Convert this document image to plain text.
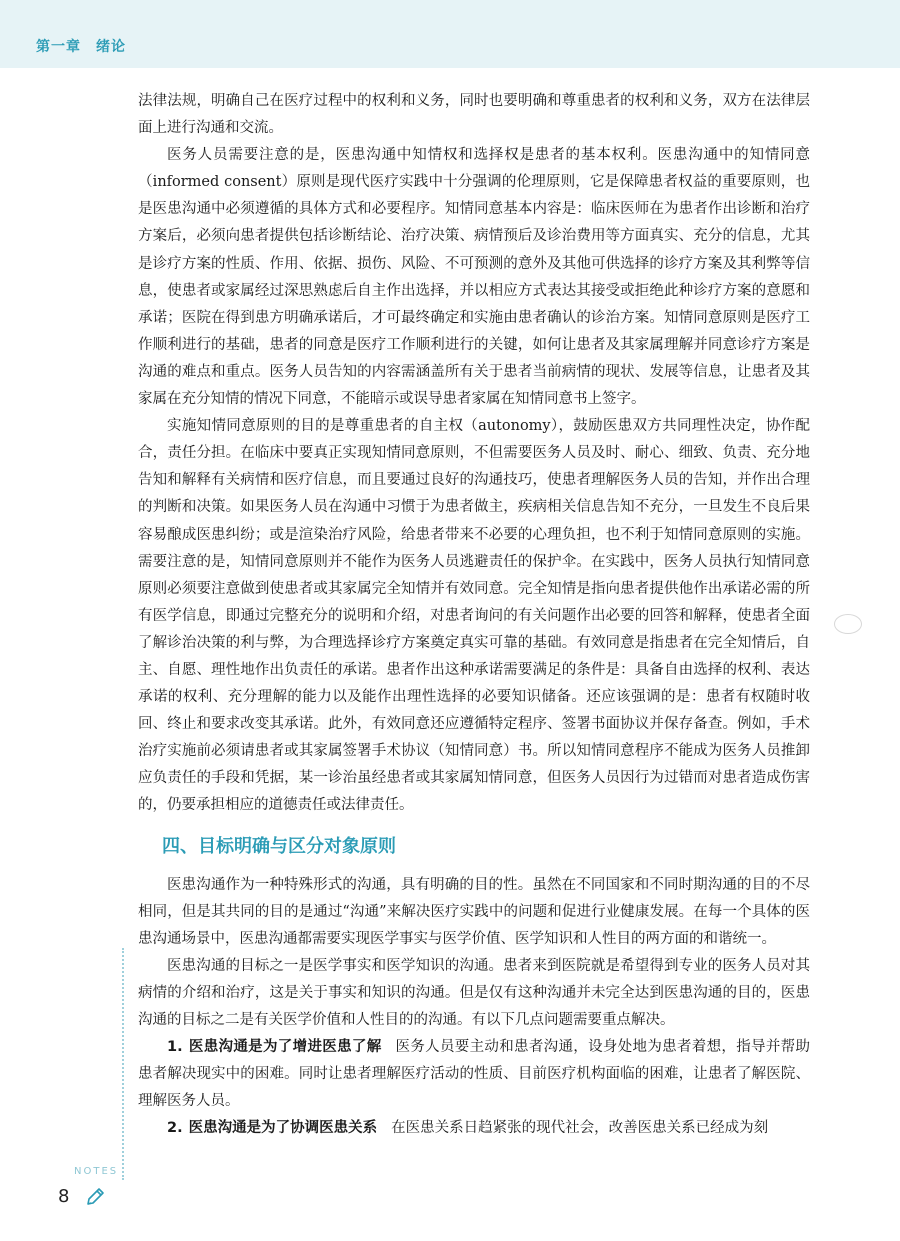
第一章　绪论

法律法规，明确自己在医疗过程中的权利和义务，同时也要明确和尊重患者的权利和义务，双方在法律层面上进行沟通和交流。

医务人员需要注意的是，医患沟通中知情权和选择权是患者的基本权利。医患沟通中的知情同意（informed consent）原则是现代医疗实践中十分强调的伦理原则，它是保障患者权益的重要原则，也是医患沟通中必须遵循的具体方式和必要程序。知情同意基本内容是：临床医师在为患者作出诊断和治疗方案后，必须向患者提供包括诊断结论、治疗决策、病情预后及诊治费用等方面真实、充分的信息，尤其是诊疗方案的性质、作用、依据、损伤、风险、不可预测的意外及其他可供选择的诊疗方案及其利弊等信息，使患者或家属经过深思熟虑后自主作出选择，并以相应方式表达其接受或拒绝此种诊疗方案的意愿和承诺；医院在得到患方明确承诺后，才可最终确定和实施由患者确认的诊治方案。知情同意原则是医疗工作顺利进行的基础，患者的同意是医疗工作顺利进行的关键，如何让患者及其家属理解并同意诊疗方案是沟通的难点和重点。医务人员告知的内容需涵盖所有关于患者当前病情的现状、发展等信息，让患者及其家属在充分知情的情况下同意，不能暗示或误导患者家属在知情同意书上签字。

实施知情同意原则的目的是尊重患者的自主权（autonomy），鼓励医患双方共同理性决定，协作配合，责任分担。在临床中要真正实现知情同意原则，不但需要医务人员及时、耐心、细致、负责、充分地告知和解释有关病情和医疗信息，而且要通过良好的沟通技巧，使患者理解医务人员的告知，并作出合理的判断和决策。如果医务人员在沟通中习惯于为患者做主，疾病相关信息告知不充分，一旦发生不良后果容易酿成医患纠纷；或是渲染治疗风险，给患者带来不必要的心理负担，也不利于知情同意原则的实施。需要注意的是，知情同意原则并不能作为医务人员逃避责任的保护伞。在实践中，医务人员执行知情同意原则必须要注意做到使患者或其家属完全知情并有效同意。完全知情是指向患者提供他作出承诺必需的所有医学信息，即通过完整充分的说明和介绍，对患者询问的有关问题作出必要的回答和解释，使患者全面了解诊治决策的利与弊，为合理选择诊疗方案奠定真实可靠的基础。有效同意是指患者在完全知情后，自主、自愿、理性地作出负责任的承诺。患者作出这种承诺需要满足的条件是：具备自由选择的权利、表达承诺的权利、充分理解的能力以及能作出理性选择的必要知识储备。还应该强调的是：患者有权随时收回、终止和要求改变其承诺。此外，有效同意还应遵循特定程序、签署书面协议并保存备查。例如，手术治疗实施前必须请患者或其家属签署手术协议（知情同意）书。所以知情同意程序不能成为医务人员推卸应负责任的手段和凭据，某一诊治虽经患者或其家属知情同意，但医务人员因行为过错而对患者造成伤害的，仍要承担相应的道德责任或法律责任。

四、目标明确与区分对象原则

医患沟通作为一种特殊形式的沟通，具有明确的目的性。虽然在不同国家和不同时期沟通的目的不尽相同，但是其共同的目的是通过“沟通”来解决医疗实践中的问题和促进行业健康发展。在每一个具体的医患沟通场景中，医患沟通都需要实现医学事实与医学价值、医学知识和人性目的两方面的和谐统一。

医患沟通的目标之一是医学事实和医学知识的沟通。患者来到医院就是希望得到专业的医务人员对其病情的介绍和治疗，这是关于事实和知识的沟通。但是仅有这种沟通并未完全达到医患沟通的目的，医患沟通的目标之二是有关医学价值和人性目的的沟通。有以下几点问题需要重点解决。

1. 医患沟通是为了增进医患了解 医务人员要主动和患者沟通，设身处地为患者着想，指导并帮助患者解决现实中的困难。同时让患者理解医疗活动的性质、目前医疗机构面临的困难，让患者了解医院、理解医务人员。

2. 医患沟通是为了协调医患关系 在医患关系日趋紧张的现代社会，改善医患关系已经成为刻

NOTES
8
